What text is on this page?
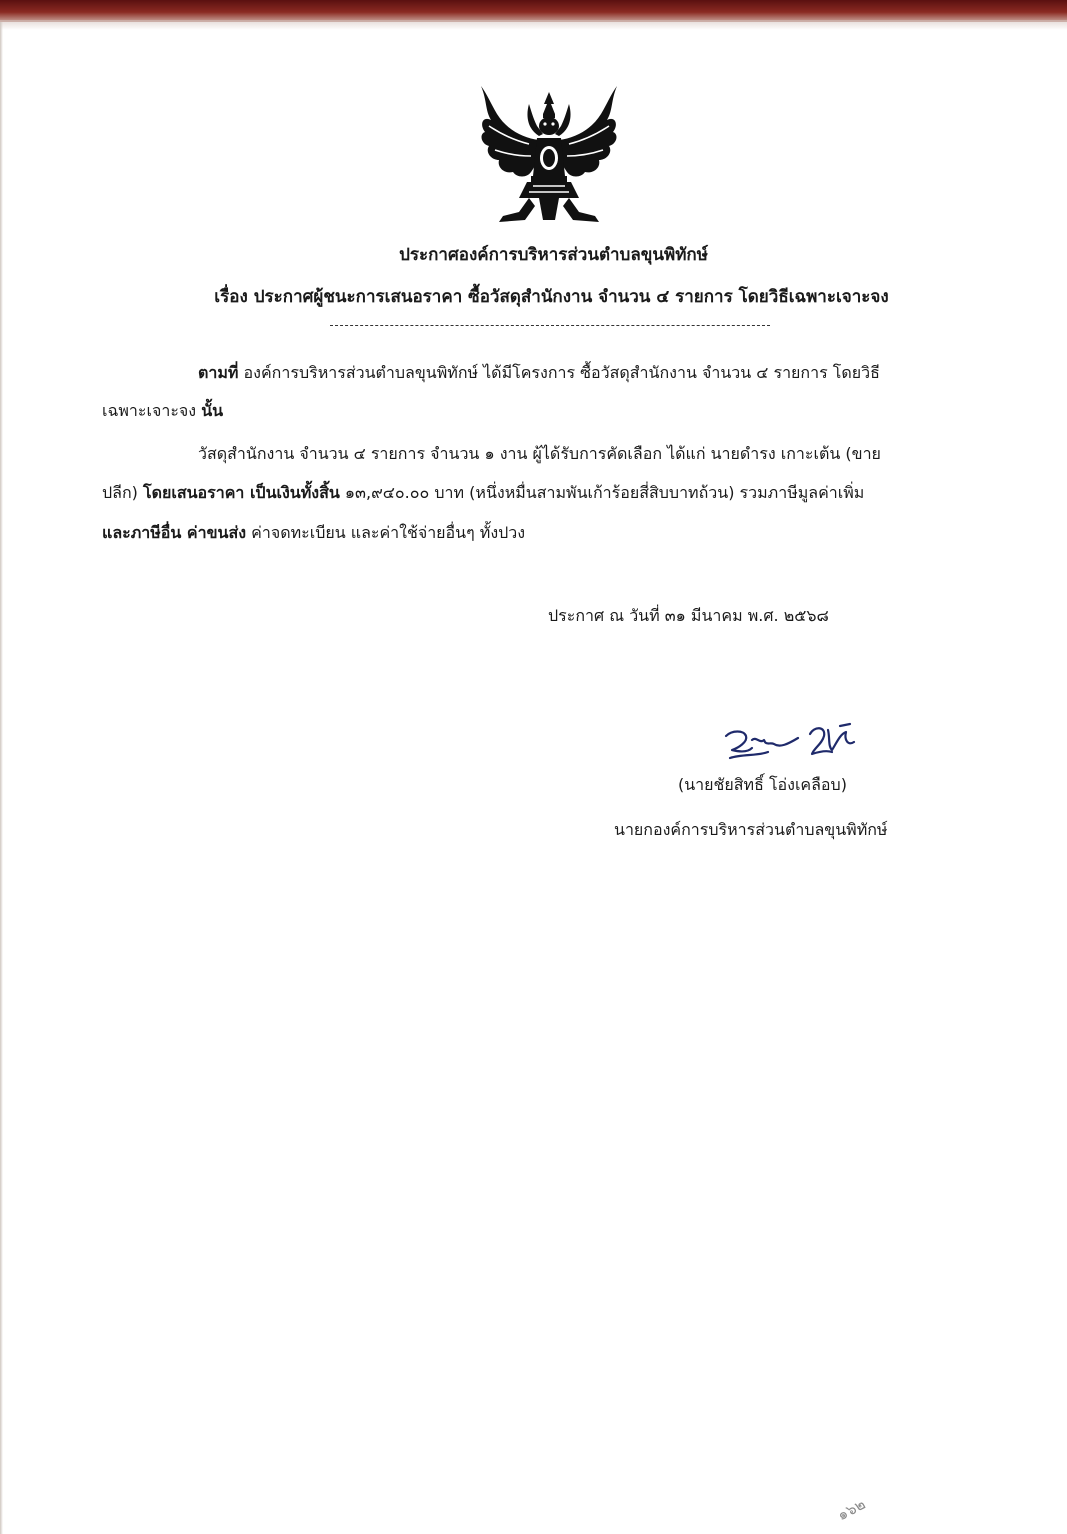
ประกาศองค์การบริหารส่วนตำบลขุนพิทักษ์
เรื่อง ประกาศผู้ชนะการเสนอราคา ซื้อวัสดุสำนักงาน จำนวน ๔ รายการ โดยวิธีเฉพาะเจาะจง
ตามที่ องค์การบริหารส่วนตำบลขุนพิทักษ์ ได้มีโครงการ ซื้อวัสดุสำนักงาน จำนวน ๔ รายการ โดยวิธี
เฉพาะเจาะจง นั้น
วัสดุสำนักงาน จำนวน ๔ รายการ จำนวน ๑ งาน ผู้ได้รับการคัดเลือก ได้แก่ นายดำรง เกาะเต้น (ขาย
ปลีก) โดยเสนอราคา เป็นเงินทั้งสิ้น ๑๓,๙๔๐.๐๐ บาท (หนึ่งหมื่นสามพันเก้าร้อยสี่สิบบาทถ้วน) รวมภาษีมูลค่าเพิ่ม
และภาษีอื่น ค่าขนส่ง ค่าจดทะเบียน และค่าใช้จ่ายอื่นๆ ทั้งปวง
ประกาศ ณ วันที่ ๓๑ มีนาคม พ.ศ. ๒๕๖๘
(นายชัยสิทธิ์ โอ่งเคลือบ)
นายกองค์การบริหารส่วนตำบลขุนพิทักษ์
๑๖๒
